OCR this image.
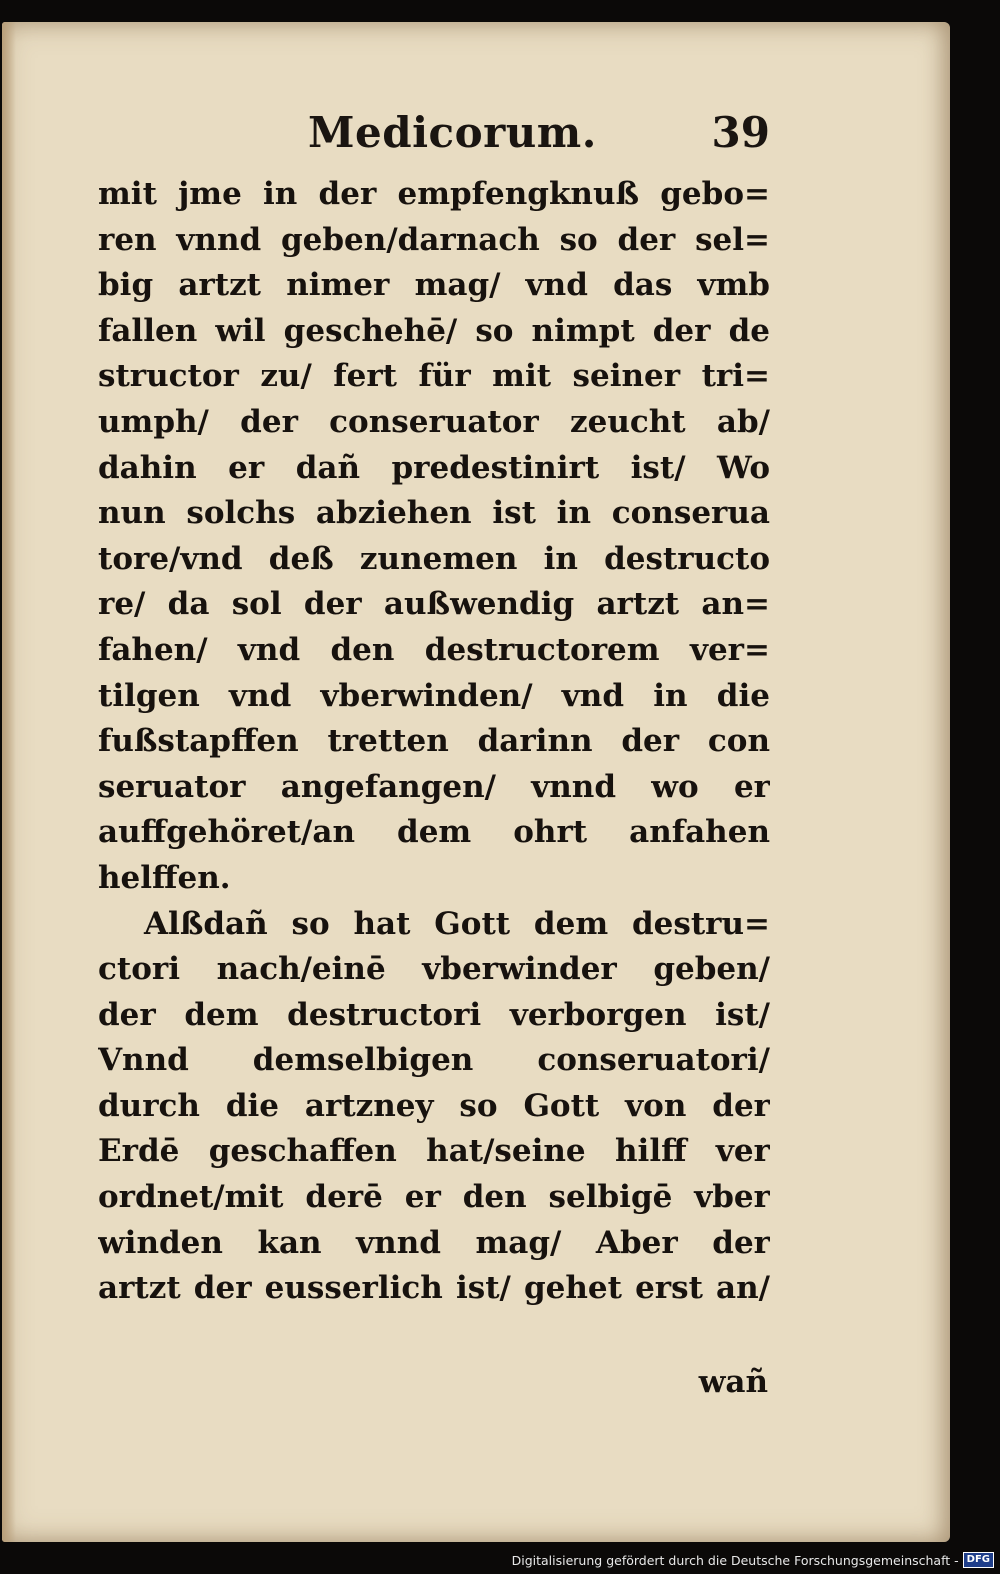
Medicorum.	39
mit jme in der empfengknuß gebo=
ren vnnd geben/darnach so der sel=
big artzt nimer mag/ vnd das vmb
fallen wil geschehē/ so nimpt der de
structor zu/ fert für mit seiner tri=
umph/ der conseruator zeucht ab/
dahin er dañ predestinirt ist/ Wo
nun solchs abziehen ist in conserua
tore/vnd deß zunemen in destructo
re/ da sol der außwendig artzt an=
fahen/ vnd den destructorem ver=
tilgen vnd vberwinden/ vnd in die
fußstapffen tretten darinn der con
seruator angefangen/ vnnd wo er
auffgehöret/an dem ohrt anfahen
helffen.
Alßdañ so hat Gott dem destru=
ctori nach/einē vberwinder geben/
der dem destructori verborgen ist/
Vnnd demselbigen conseruatori/
durch die artzney so Gott von der
Erdē geschaffen hat/seine hilff ver
ordnet/mit derē er den selbigē vber
winden kan vnnd mag/ Aber der
artzt der eusserlich ist/ gehet erst an/
wañ
Digitalisierung gefördert durch die Deutsche Forschungsgemeinschaft - DFG
